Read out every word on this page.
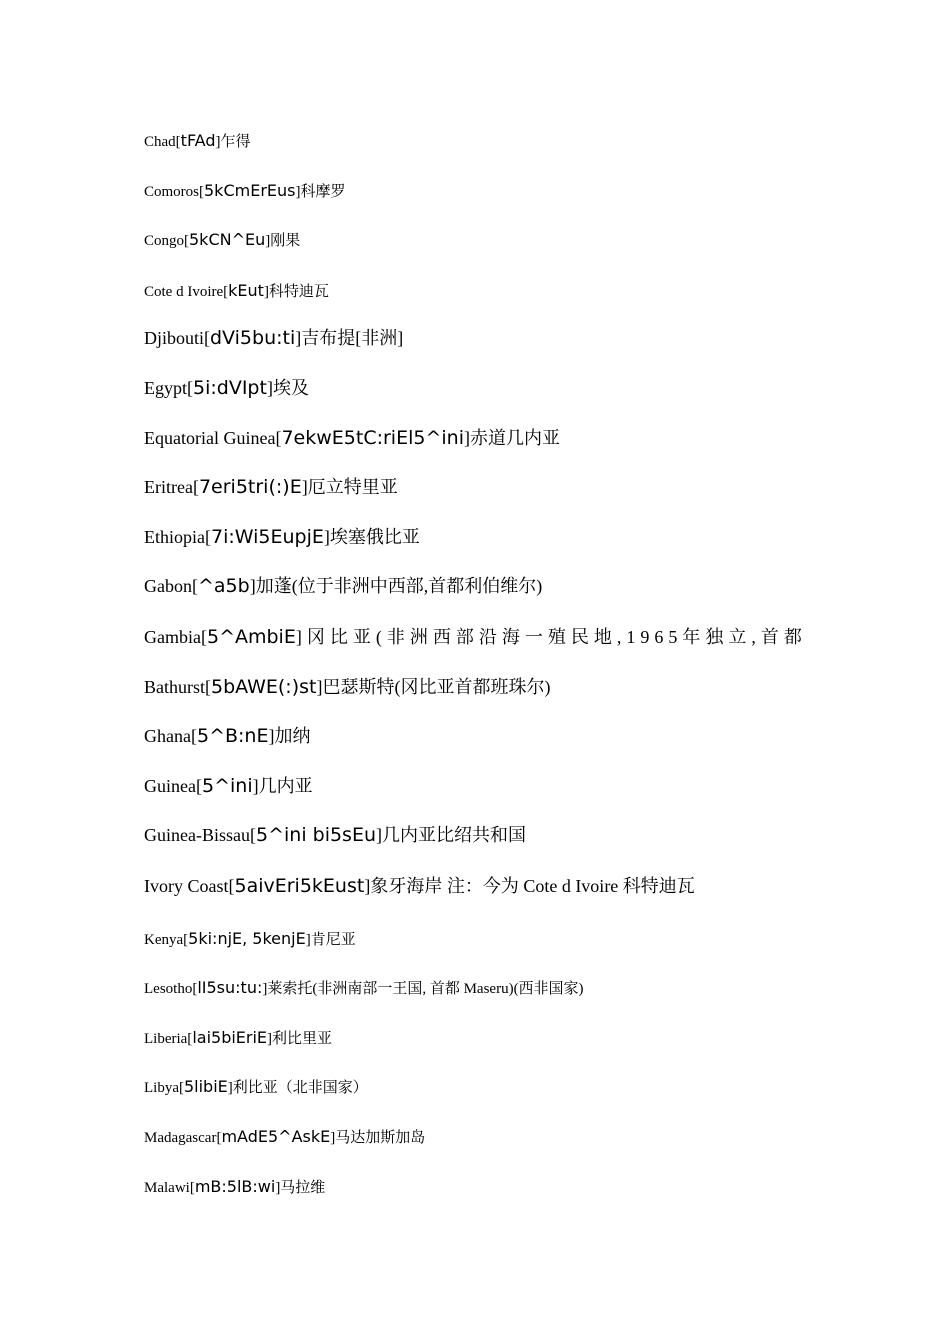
Chad[tFAd]乍得
Comoros[5kCmErEus]科摩罗
Congo[5kCN^Eu]刚果
Cote d Ivoire[kEut]科特迪瓦
Djibouti[dVi5bu:ti]吉布提[非洲]
Egypt[5i:dVIpt]埃及
Equatorial Guinea[7ekwE5tC:riEl5^ini]赤道几内亚
Eritrea[7eri5tri(:)E]厄立特里亚
Ethiopia[7i:Wi5EupjE]埃塞俄比亚
Gabon[^a5b]加蓬(位于非洲中西部,首都利伯维尔)
Gambia[5^AmbiE]冈比亚(非洲西部沿海一殖民地,1965年独立,首都
Bathurst[5bAWE(:)st]巴瑟斯特(冈比亚首都班珠尔)
Ghana[5^B:nE]加纳
Guinea[5^ini]几内亚
Guinea-Bissau[5^ini bi5sEu]几内亚比绍共和国
Ivory Coast[5aivEri5kEust]象牙海岸 注：今为 Cote d Ivoire 科特迪瓦
Kenya[5ki:njE, 5kenjE]肯尼亚
Lesotho[lI5su:tu:]莱索托(非洲南部一王国, 首都 Maseru)(西非国家)
Liberia[lai5biEriE]利比里亚
Libya[5libiE]利比亚（北非国家）
Madagascar[mAdE5^AskE]马达加斯加岛
Malawi[mB:5lB:wi]马拉维
